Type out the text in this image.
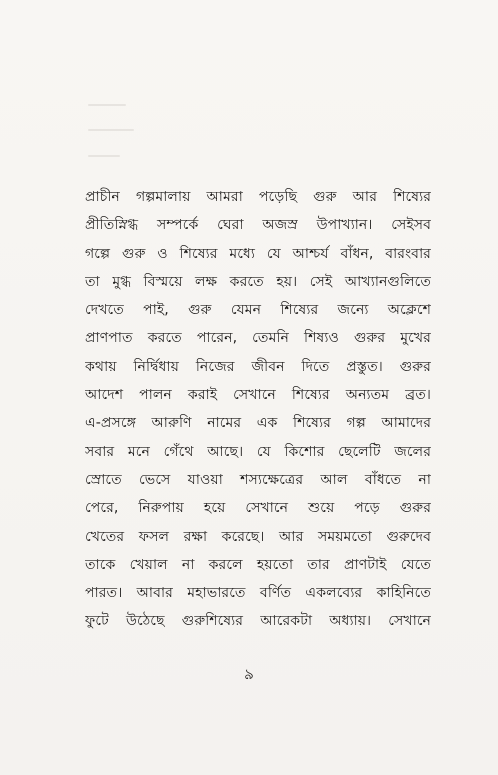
প্রাচীন গল্পমালায় আমরা পড়েছি গুরু আর শিষ্যের
প্রীতিস্নিগ্ধ সম্পর্কে ঘেরা অজস্র উপাখ্যান। সেইসব
গল্পে গুরু ও শিষ্যের মধ্যে যে আশ্চর্য বাঁধন, বারংবার
তা মুগ্ধ বিস্ময়ে লক্ষ করতে হয়। সেই আখ্যানগুলিতে
দেখতে পাই, গুরু যেমন শিষ্যের জন্যে অক্লেশে
প্রাণপাত করতে পারেন, তেমনি শিষ্যও গুরুর মুখের
কথায় নির্দ্বিধায় নিজের জীবন দিতে প্রস্তুত। গুরুর
আদেশ পালন করাই সেখানে শিষ্যের অন্যতম ব্রত।
এ-প্রসঙ্গে আরুণি নামের এক শিষ্যের গল্প আমাদের
সবার মনে গেঁথে আছে। যে কিশোর ছেলেটি জলের
স্রোতে ভেসে যাওয়া শস্যক্ষেত্রের আল বাঁধতে না
পেরে, নিরুপায় হয়ে সেখানে শুয়ে পড়ে গুরুর
খেতের ফসল রক্ষা করেছে। আর সময়মতো গুরুদেব
তাকে খেয়াল না করলে হয়তো তার প্রাণটাই যেতে
পারত। আবার মহাভারতে বর্ণিত একলব্যের কাহিনিতে
ফুটে উঠেছে গুরুশিষ্যের আরেকটা অধ্যায়। সেখানে
৯
